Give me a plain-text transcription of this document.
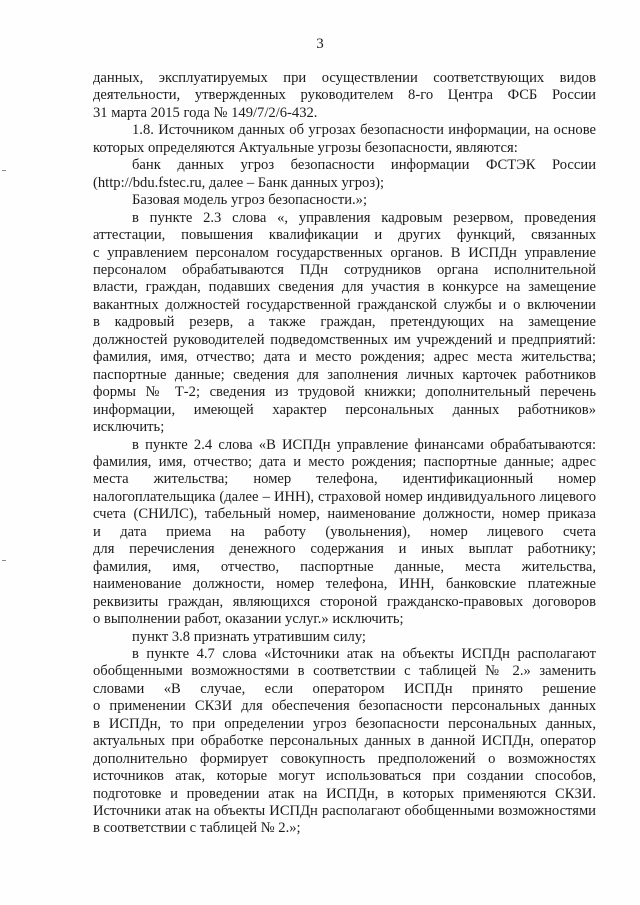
3

данных, эксплуатируемых при осуществлении соответствующих видов

деятельности, утвержденных руководителем 8-го Центра ФСБ России

31 марта 2015 года № 149/7/2/6-432.

1.8. Источником данных об угрозах безопасности информации, на основе

которых определяются Актуальные угрозы безопасности, являются:

банк данных угроз безопасности информации ФСТЭК России

(http://bdu.fstec.ru, далее – Банк данных угроз);

Базовая модель угроз безопасности.»;

в пункте 2.3 слова «, управления кадровым резервом, проведения

аттестации, повышения квалификации и других функций, связанных

с управлением персоналом государственных органов. В ИСПДн управление

персоналом обрабатываются ПДн сотрудников органа исполнительной

власти, граждан, подавших сведения для участия в конкурсе на замещение

вакантных должностей государственной гражданской службы и о включении

в кадровый резерв, а также граждан, претендующих на замещение

должностей руководителей подведомственных им учреждений и предприятий:

фамилия, имя, отчество; дата и место рождения; адрес места жительства;

паспортные данные; сведения для заполнения личных карточек работников

формы № Т-2; сведения из трудовой книжки; дополнительный перечень

информации, имеющей характер персональных данных работников»

исключить;

в пункте 2.4 слова «В ИСПДн управление финансами обрабатываются:

фамилия, имя, отчество; дата и место рождения; паспортные данные; адрес

места жительства; номер телефона, идентификационный номер

налогоплательщика (далее – ИНН), страховой номер индивидуального лицевого

счета (СНИЛС), табельный номер, наименование должности, номер приказа

и дата приема на работу (увольнения), номер лицевого счета

для перечисления денежного содержания и иных выплат работнику;

фамилия, имя, отчество, паспортные данные, места жительства,

наименование должности, номер телефона, ИНН, банковские платежные

реквизиты граждан, являющихся стороной гражданско-правовых договоров

о выполнении работ, оказании услуг.» исключить;

пункт 3.8 признать утратившим силу;

в пункте 4.7 слова «Источники атак на объекты ИСПДн располагают

обобщенными возможностями в соответствии с таблицей № 2.» заменить

словами «В случае, если оператором ИСПДн принято решение

о применении СКЗИ для обеспечения безопасности персональных данных

в ИСПДн, то при определении угроз безопасности персональных данных,

актуальных при обработке персональных данных в данной ИСПДн, оператор

дополнительно формирует совокупность предположений о возможностях

источников атак, которые могут использоваться при создании способов,

подготовке и проведении атак на ИСПДн, в которых применяются СКЗИ.

Источники атак на объекты ИСПДн располагают обобщенными возможностями

в соответствии с таблицей № 2.»;
